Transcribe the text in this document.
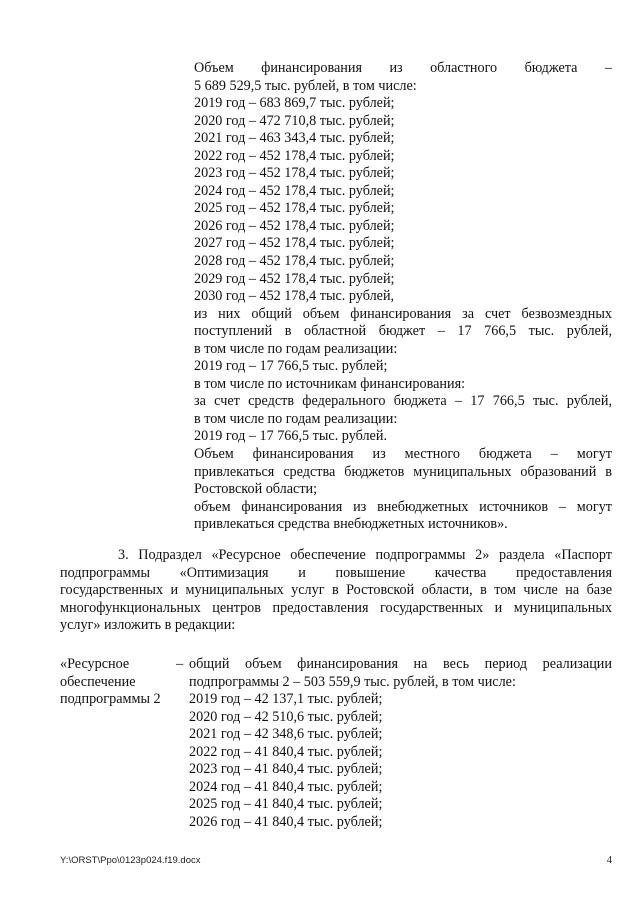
Объем финансирования из областного бюджета –
5 689 529,5 тыс. рублей, в том числе:
2019 год – 683 869,7 тыс. рублей;
2020 год – 472 710,8 тыс. рублей;
2021 год – 463 343,4 тыс. рублей;
2022 год – 452 178,4 тыс. рублей;
2023 год – 452 178,4 тыс. рублей;
2024 год – 452 178,4 тыс. рублей;
2025 год – 452 178,4 тыс. рублей;
2026 год – 452 178,4 тыс. рублей;
2027 год – 452 178,4 тыс. рублей;
2028 год – 452 178,4 тыс. рублей;
2029 год – 452 178,4 тыс. рублей;
2030 год – 452 178,4 тыс. рублей,
из них общий объем финансирования за счет безвозмездных
поступлений в областной бюджет – 17 766,5 тыс. рублей,
в том числе по годам реализации:
2019 год – 17 766,5 тыс. рублей;
в том числе по источникам финансирования:
за счет средств федерального бюджета – 17 766,5 тыс. рублей,
в том числе по годам реализации:
2019 год – 17 766,5 тыс. рублей.
Объем финансирования из местного бюджета – могут
привлекаться средства бюджетов муниципальных образований в
Ростовской области;
объем финансирования из внебюджетных источников – могут
привлекаться средства внебюджетных источников».
3. Подраздел «Ресурсное обеспечение подпрограммы 2» раздела «Паспорт
подпрограммы «Оптимизация и повышение качества предоставления
государственных и муниципальных услуг в Ростовской области, в том числе на базе
многофункциональных центров предоставления государственных и муниципальных
услуг» изложить в редакции:
«Ресурсное
обеспечение
подпрограммы 2
– общий объем финансирования на весь период реализации
подпрограммы 2 – 503 559,9 тыс. рублей, в том числе:
2019 год – 42 137,1 тыс. рублей;
2020 год – 42 510,6 тыс. рублей;
2021 год – 42 348,6 тыс. рублей;
2022 год – 41 840,4 тыс. рублей;
2023 год – 41 840,4 тыс. рублей;
2024 год – 41 840,4 тыс. рублей;
2025 год – 41 840,4 тыс. рублей;
2026 год – 41 840,4 тыс. рублей;
Y:\ORST\Ppo\0123p024.f19.docx	4
